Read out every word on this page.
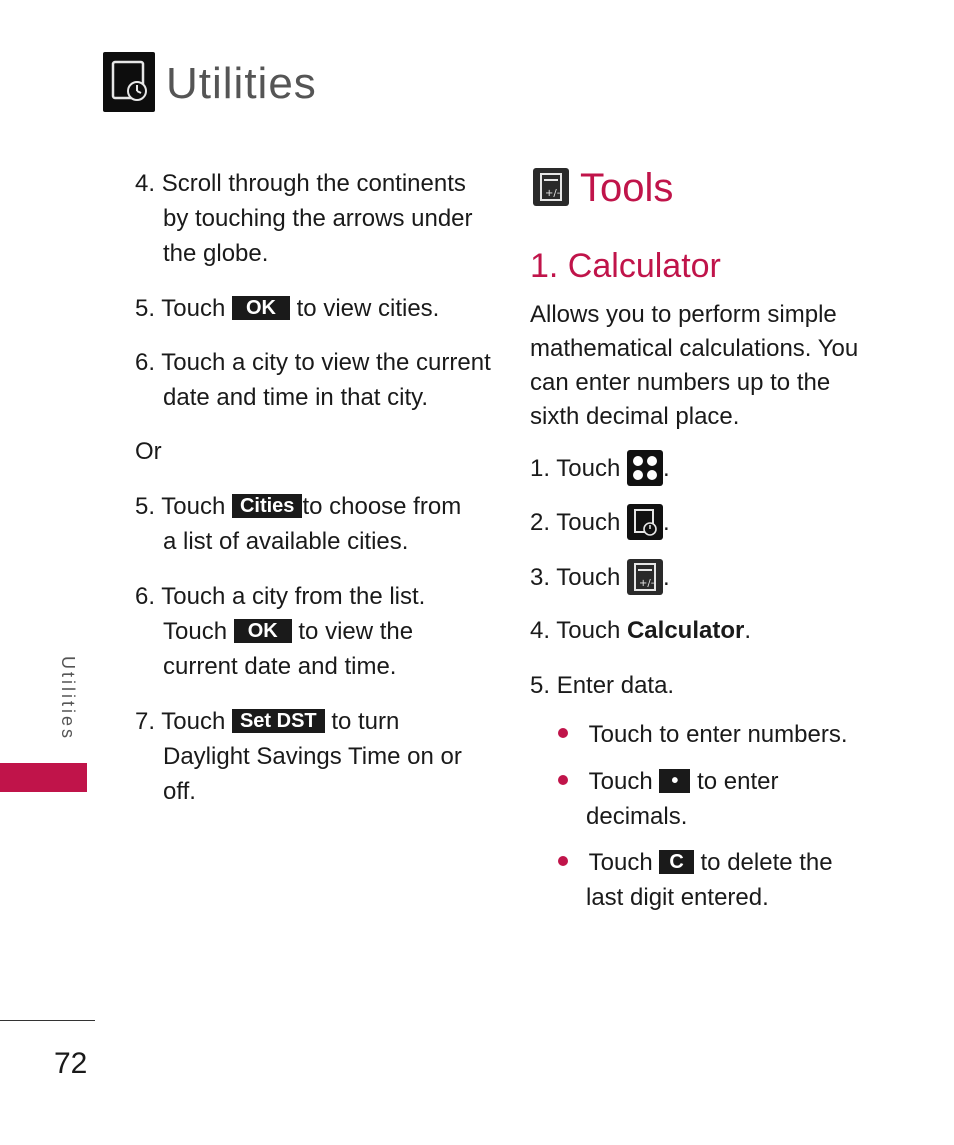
Utilities
4. Scroll through the continents
by touching the arrows under
the globe.
5. Touch OK to view cities.
6. Touch a city to view the current
date and time in that city.
Or
5. Touch Cities to choose from
a list of available cities.
6. Touch a city from the list.
Touch OK to view the
current date and time.
7. Touch Set DST to turn
Daylight Savings Time on or
off.
+/- Tools
1. Calculator
Allows you to perform simple
mathematical calculations. You
can enter numbers up to the
sixth decimal place.
1. Touch .
2. Touch .
3. Touch +/- .
4. Touch Calculator.
5. Enter data.
Touch to enter numbers.
Touch • to enter
decimals.
Touch C to delete the
last digit entered.
Utilities
72
